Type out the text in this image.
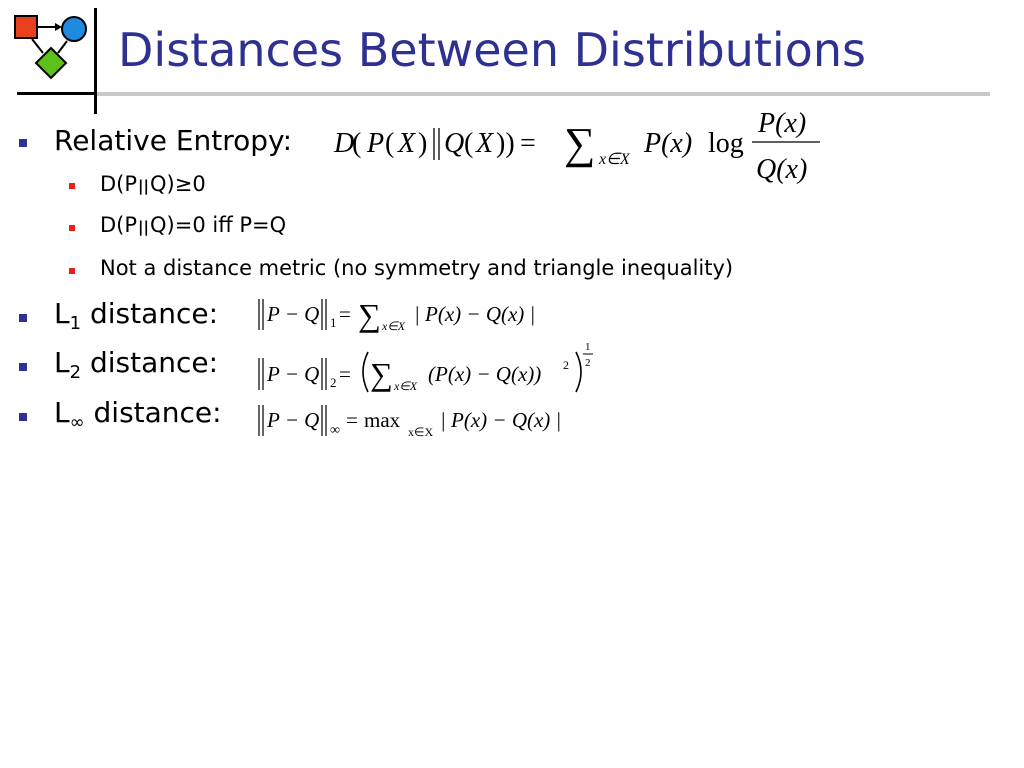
Distances Between Distributions
Relative Entropy: D
( P ( X ) Q ( X )) = ∑ x∈X
P(x) log
P(x)
Q(x)
D(P||Q)≥0
D(P||Q)=0 iff P=Q
Not a distance metric (no symmetry and triangle inequality)
$L_1$ distance: P − Q 1 = ∑ x∈X | P(x) − Q(x) |
$L_2$ distance: P − Q 2 = ∑ x∈X (P(x) − Q(x)) 2
1
2
$L_\infty$ distance: P − Q ∞ = max x∈X | P(x) − Q(x) |
